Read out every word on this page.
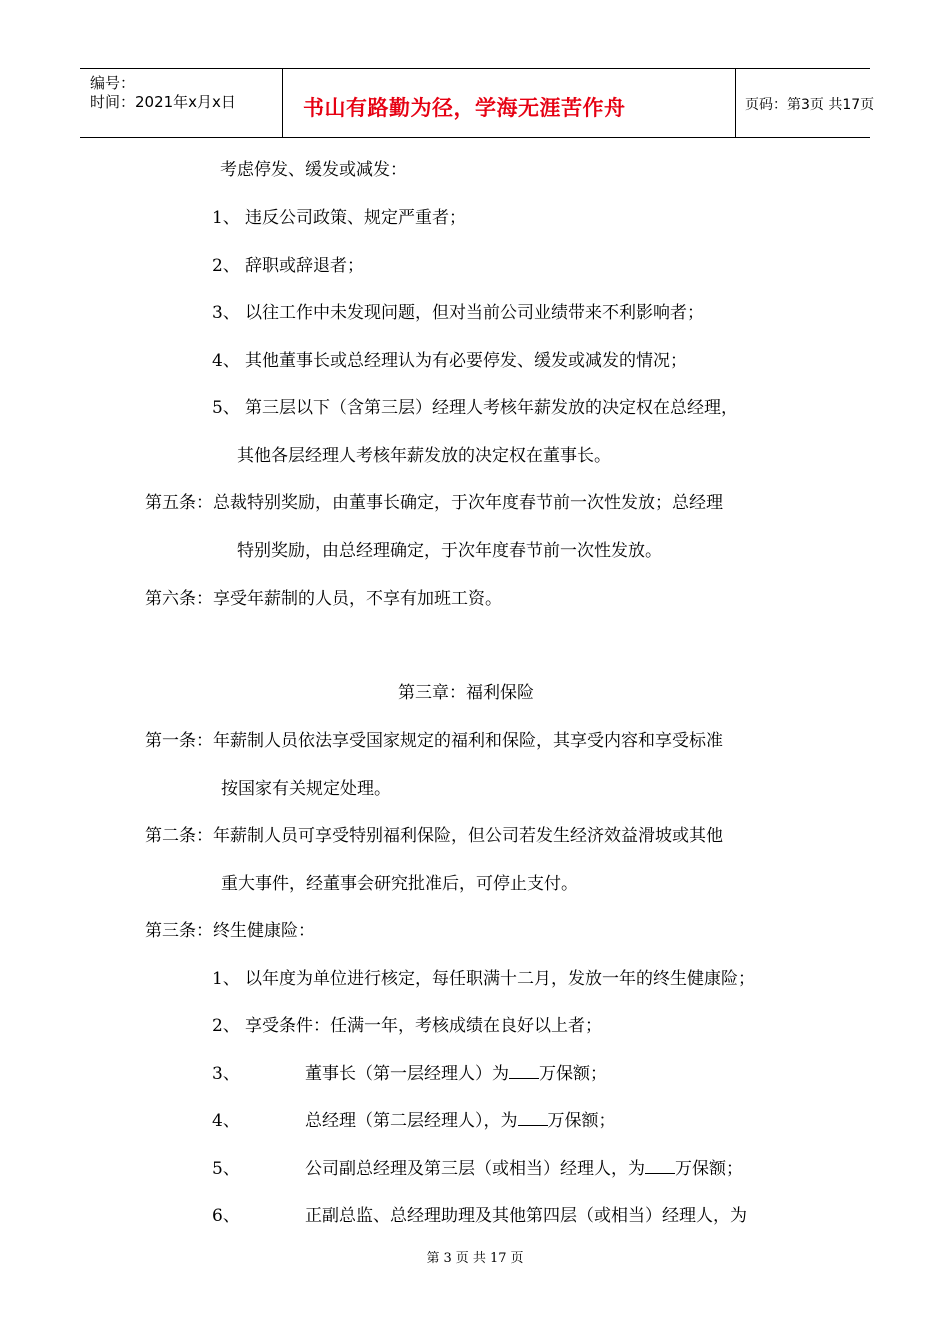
编号：
时间：2021年x月x日	书山有路勤为径，学海无涯苦作舟	页码：第3页 共17页
考虑停发、缓发或减发：
1、 违反公司政策、规定严重者；
2、 辞职或辞退者；
3、 以往工作中未发现问题，但对当前公司业绩带来不利影响者；
4、 其他董事长或总经理认为有必要停发、缓发或减发的情况；
5、 第三层以下（含第三层）经理人考核年薪发放的决定权在总经理，
其他各层经理人考核年薪发放的决定权在董事长。
第五条：总裁特别奖励，由董事长确定，于次年度春节前一次性发放；总经理
特别奖励，由总经理确定，于次年度春节前一次性发放。
第六条：享受年薪制的人员，不享有加班工资。
第三章：福利保险
第一条：年薪制人员依法享受国家规定的福利和保险，其享受内容和享受标准
按国家有关规定处理。
第二条：年薪制人员可享受特别福利保险，但公司若发生经济效益滑坡或其他
重大事件，经董事会研究批准后，可停止支付。
第三条：终生健康险：
1、 以年度为单位进行核定，每任职满十二月，发放一年的终生健康险；
2、 享受条件：任满一年，考核成绩在良好以上者；
3、	董事长（第一层经理人）为 万保额；
4、	总经理（第二层经理人），为 万保额；
5、	公司副总经理及第三层（或相当）经理人，为 万保额；
6、	正副总监、总经理助理及其他第四层（或相当）经理人，为
第 3 页 共 17 页
